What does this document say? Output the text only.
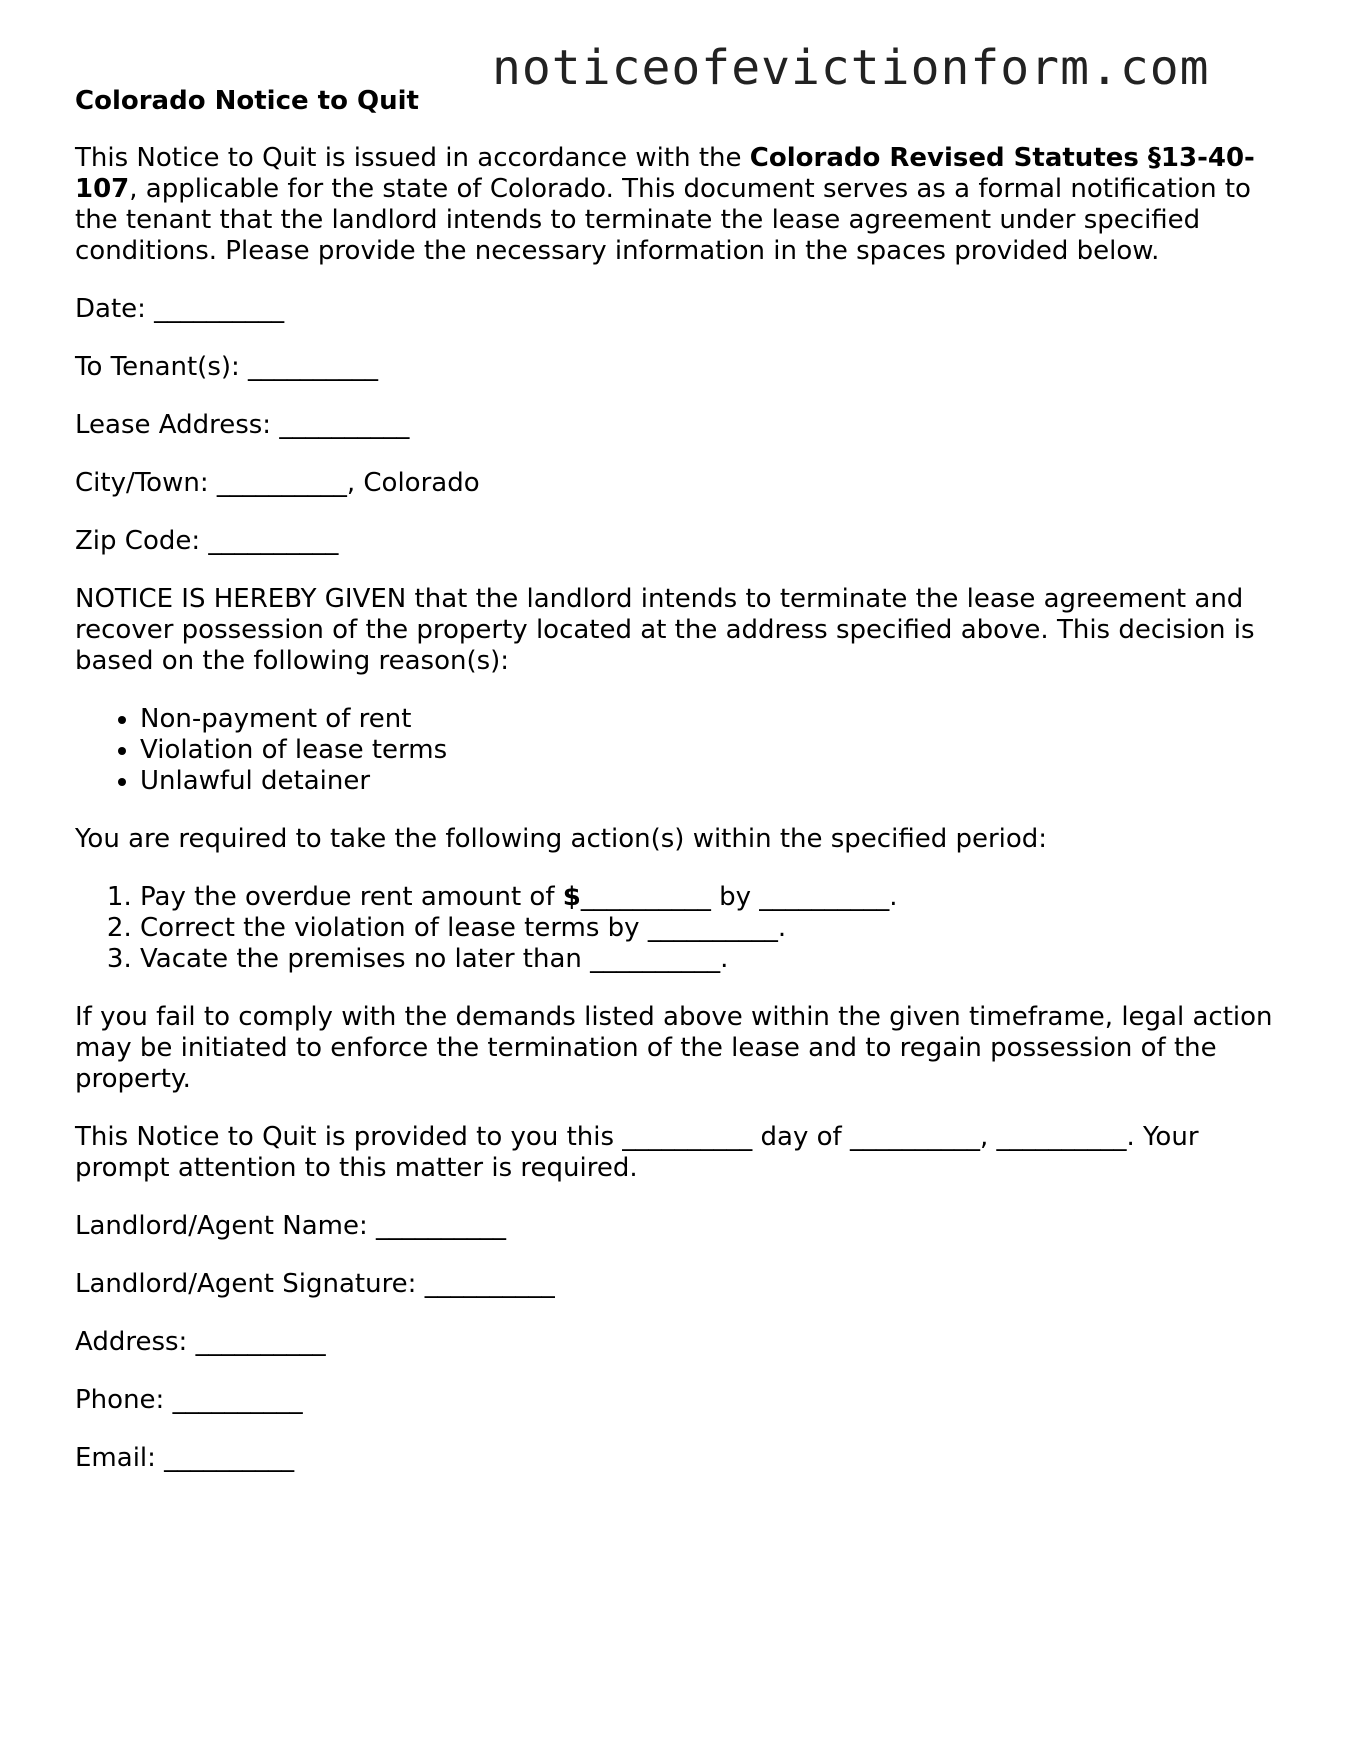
noticeofevictionform.com
Colorado Notice to Quit

This Notice to Quit is issued in accordance with the Colorado Revised Statutes §13-40-107, applicable for the state of Colorado. This document serves as a formal notification to the tenant that the landlord intends to terminate the lease agreement under specified conditions. Please provide the necessary information in the spaces provided below.

Date: __________
To Tenant(s): __________
Lease Address: __________
City/Town: __________, Colorado
Zip Code: __________

NOTICE IS HEREBY GIVEN that the landlord intends to terminate the lease agreement and recover possession of the property located at the address specified above. This decision is based on the following reason(s):

• Non-payment of rent
• Violation of lease terms
• Unlawful detainer

You are required to take the following action(s) within the specified period:

1. Pay the overdue rent amount of $__________ by __________.
2. Correct the violation of lease terms by __________.
3. Vacate the premises no later than __________.

If you fail to comply with the demands listed above within the given timeframe, legal action may be initiated to enforce the termination of the lease and to regain possession of the property.

This Notice to Quit is provided to you this __________ day of __________, __________. Your prompt attention to this matter is required.

Landlord/Agent Name: __________
Landlord/Agent Signature: __________
Address: __________
Phone: __________
Email: __________
